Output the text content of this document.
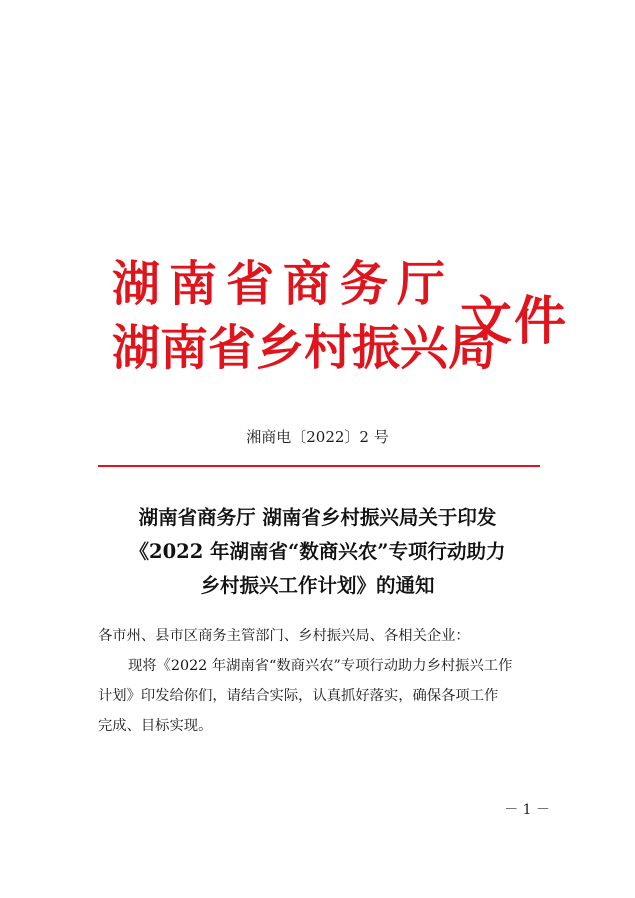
湖南省商务厅
湖南省乡村振兴局
文件
湘商电〔2022〕2 号
湖南省商务厅 湖南省乡村振兴局关于印发
《2022 年湖南省“数商兴农”专项行动助力
乡村振兴工作计划》的通知

各市州、县市区商务主管部门、乡村振兴局、各相关企业：

现将《2022 年湖南省“数商兴农”专项行动助力乡村振兴工作

计划》印发给你们，请结合实际，认真抓好落实，确保各项工作

完成、目标实现。

－ 1 －
